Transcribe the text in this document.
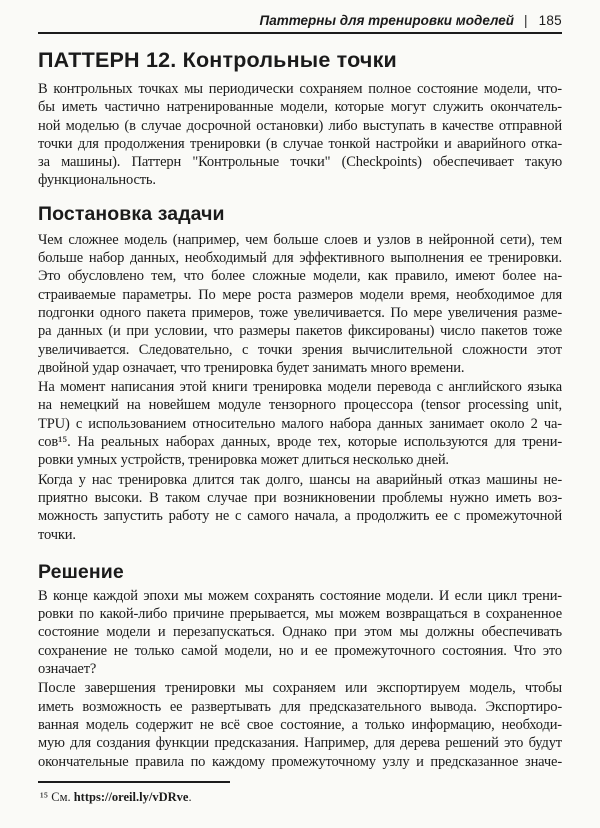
Паттерны для тренировки моделей | 185
ПАТТЕРН 12. Контрольные точки
В контрольных точках мы периодически сохраняем полное состояние модели, что-
бы иметь частично натренированные модели, которые могут служить окончатель-
ной моделью (в случае досрочной остановки) либо выступать в качестве отправной
точки для продолжения тренировки (в случае тонкой настройки и аварийного отка-
за машины). Паттерн "Контрольные точки" (Checkpoints) обеспечивает такую
функциональность.
Постановка задачи
Чем сложнее модель (например, чем больше слоев и узлов в нейронной сети), тем
больше набор данных, необходимый для эффективного выполнения ее тренировки.
Это обусловлено тем, что более сложные модели, как правило, имеют более на-
страиваемые параметры. По мере роста размеров модели время, необходимое для
подгонки одного пакета примеров, тоже увеличивается. По мере увеличения разме-
ра данных (и при условии, что размеры пакетов фиксированы) число пакетов тоже
увеличивается. Следовательно, с точки зрения вычислительной сложности этот
двойной удар означает, что тренировка будет занимать много времени.
На момент написания этой книги тренировка модели перевода с английского языка
на немецкий на новейшем модуле тензорного процессора (tensor processing unit,
TPU) с использованием относительно малого набора данных занимает около 2 ча-
сов¹⁵. На реальных наборах данных, вроде тех, которые используются для трени-
ровки умных устройств, тренировка может длиться несколько дней.
Когда у нас тренировка длится так долго, шансы на аварийный отказ машины не-
приятно высоки. В таком случае при возникновении проблемы нужно иметь воз-
можность запустить работу не с самого начала, а продолжить ее с промежуточной
точки.
Решение
В конце каждой эпохи мы можем сохранять состояние модели. И если цикл трени-
ровки по какой-либо причине прерывается, мы можем возвращаться в сохраненное
состояние модели и перезапускаться. Однако при этом мы должны обеспечивать
сохранение не только самой модели, но и ее промежуточного состояния. Что это
означает?
После завершения тренировки мы сохраняем или экспортируем модель, чтобы
иметь возможность ее развертывать для предсказательного вывода. Экспортиро-
ванная модель содержит не всё свое состояние, а только информацию, необходи-
мую для создания функции предсказания. Например, для дерева решений это будут
окончательные правила по каждому промежуточному узлу и предсказанное значе-

¹⁵ См. https://oreil.ly/vDRve.
